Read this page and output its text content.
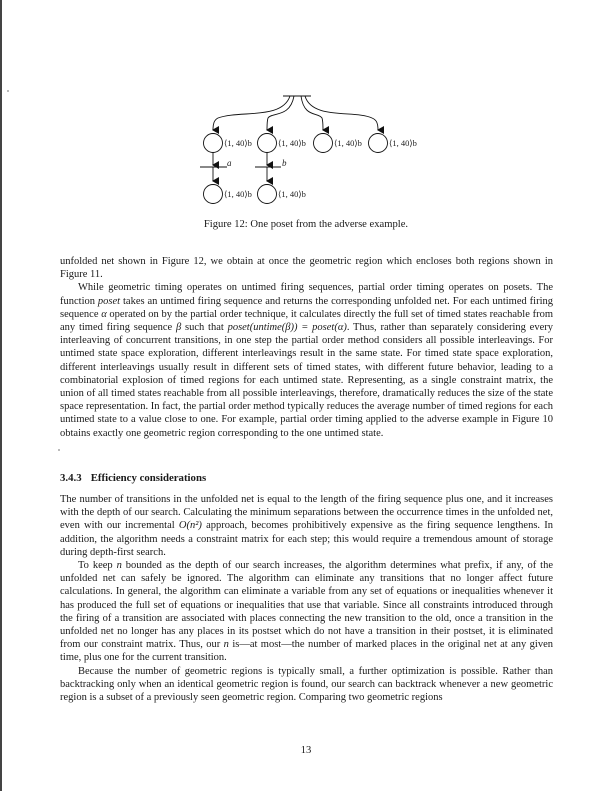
⟨1, 40⟩b	⟨1, 40⟩b	⟨1, 40⟩b	⟨1, 40⟩b
a	b
⟨1, 40⟩b	⟨1, 40⟩b
Figure 12: One poset from the adverse example.

unfolded net shown in Figure 12, we obtain at once the geometric region which encloses both regions shown in Figure 11.

While geometric timing operates on untimed firing sequences, partial order timing operates on posets. The function poset takes an untimed firing sequence and returns the corresponding unfolded net. For each untimed firing sequence α operated on by the partial order technique, it calculates directly the full set of timed states reachable from any timed firing sequence β such that poset(untime(β)) = poset(α). Thus, rather than separately considering every interleaving of concurrent transitions, in one step the partial order method considers all possible interleavings. For untimed state space exploration, different interleavings result in the same state. For timed state space exploration, different interleavings usually result in different sets of timed states, with different future behavior, leading to a combinatorial explosion of timed regions for each untimed state. Representing, as a single constraint matrix, the union of all timed states reachable from all possible interleavings, therefore, dramatically reduces the size of the state space representation. In fact, the partial order method typically reduces the average number of timed regions for each untimed state to a value close to one. For example, partial order timing applied to the adverse example in Figure 10 obtains exactly one geometric region corresponding to the one untimed state.

3.4.3 Efficiency considerations

The number of transitions in the unfolded net is equal to the length of the firing sequence plus one, and it increases with the depth of our search. Calculating the minimum separations between the occurrence times in the unfolded net, even with our incremental O(n²) approach, becomes prohibitively expensive as the firing sequence lengthens. In addition, the algorithm needs a constraint matrix for each step; this would require a tremendous amount of storage during depth-first search.

To keep n bounded as the depth of our search increases, the algorithm determines what prefix, if any, of the unfolded net can safely be ignored. The algorithm can eliminate any transitions that no longer affect future calculations. In general, the algorithm can eliminate a variable from any set of equations or inequalities whenever it has produced the full set of equations or inequalities that use that variable. Since all constraints introduced through the firing of a transition are associated with places connecting the new transition to the old, once a transition in the unfolded net no longer has any places in its postset which do not have a transition in their postset, it is eliminated from our constraint matrix. Thus, our n is—at most—the number of marked places in the original net at any given time, plus one for the current transition.

Because the number of geometric regions is typically small, a further optimization is possible. Rather than backtracking only when an identical geometric region is found, our search can backtrack whenever a new geometric region is a subset of a previously seen geometric region. Comparing two geometric regions

13
